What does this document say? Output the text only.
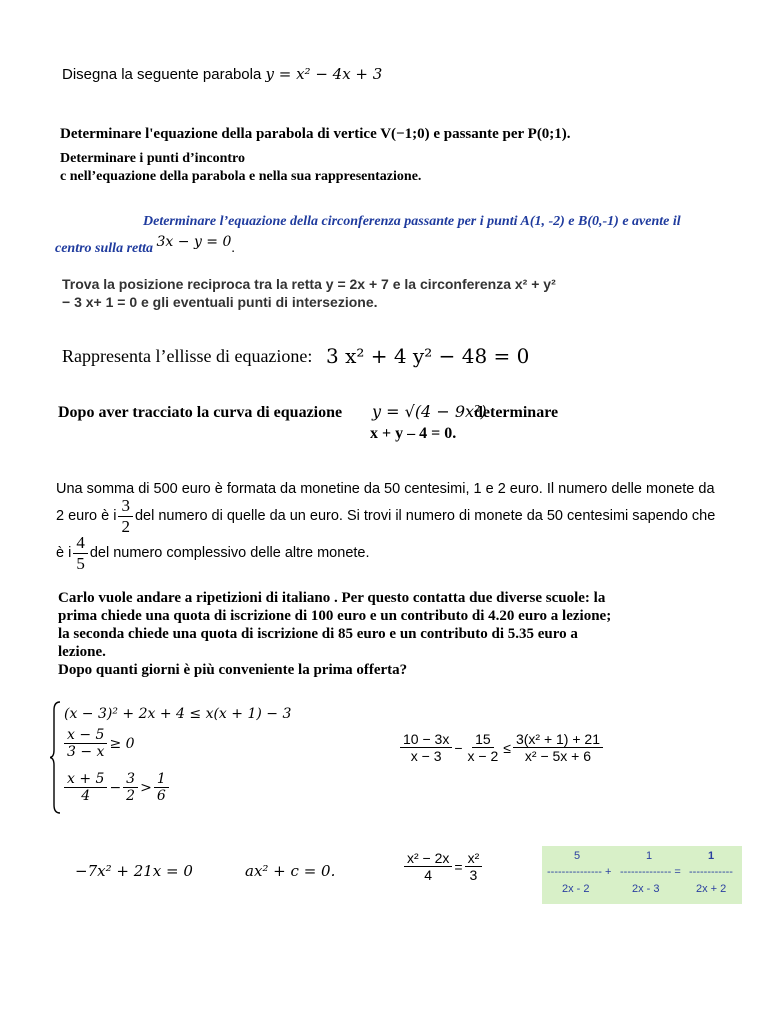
Disegna la seguente parabola y = x² − 4x + 3
Determinare l'equazione della parabola di vertice V(−1;0) e passante per P(0;1).
Determinare i punti d’incontro
c nell’equazione della parabola e nella sua rappresentazione.
Determinare l’equazione della circonferenza passante per i punti A(1, -2) e B(0,-1) e avente il
centro sulla retta 3x − y = 0.
Trova la posizione reciproca tra la retta y = 2x + 7 e la circonferenza x² + y²
− 3 x+ 1 = 0 e gli eventuali punti di intersezione.
Rappresenta l’ellisse di equazione: 3 x² + 4 y² − 48 = 0
Dopo aver tracciato la curva di equazione y = √(4 − 9x²)
determinare
x + y – 4 = 0.
Una somma di 500 euro è formata da monetine da 50 centesimi, 1 e 2 euro. Il numero delle monete da
2 euro è i $\frac{3}{2}$ del numero di quelle da un euro. Si trovi il numero di monete da 50 centesimi sapendo che
è i $\frac{4}{5}$ del numero complessivo delle altre monete.
Carlo vuole andare a ripetizioni di italiano . Per questo contatta due diverse scuole: la
prima chiede una quota di iscrizione di 100 euro e un contributo di 4.20 euro a lezione;
la seconda chiede una quota di iscrizione di 85 euro e un contributo di 5.35 euro a
lezione.
Dopo quanti giorni è più conveniente la prima offerta?
(x − 3)² + 2x + 4 ≤ x(x + 1) − 3
$\frac{x - 5}{3 - x} \ge 0$
$\frac{x + 5}{4} - \frac{3}{2} > \frac{1}{6}$
$\frac{10 - 3x}{x - 3} - \frac{15}{x - 2} \le \frac{\text{3(x² + 1) + 21}}{\text{x² − 5x + 6}}$
−7x² + 21x = 0	ax² + c = 0.	$\frac{\text{x² − 2x}}{4} = \frac{\text{x²}}{3}$	5	1	1
--------------- + -------------- = ------------
2x - 2	2x - 3	2x + 2
